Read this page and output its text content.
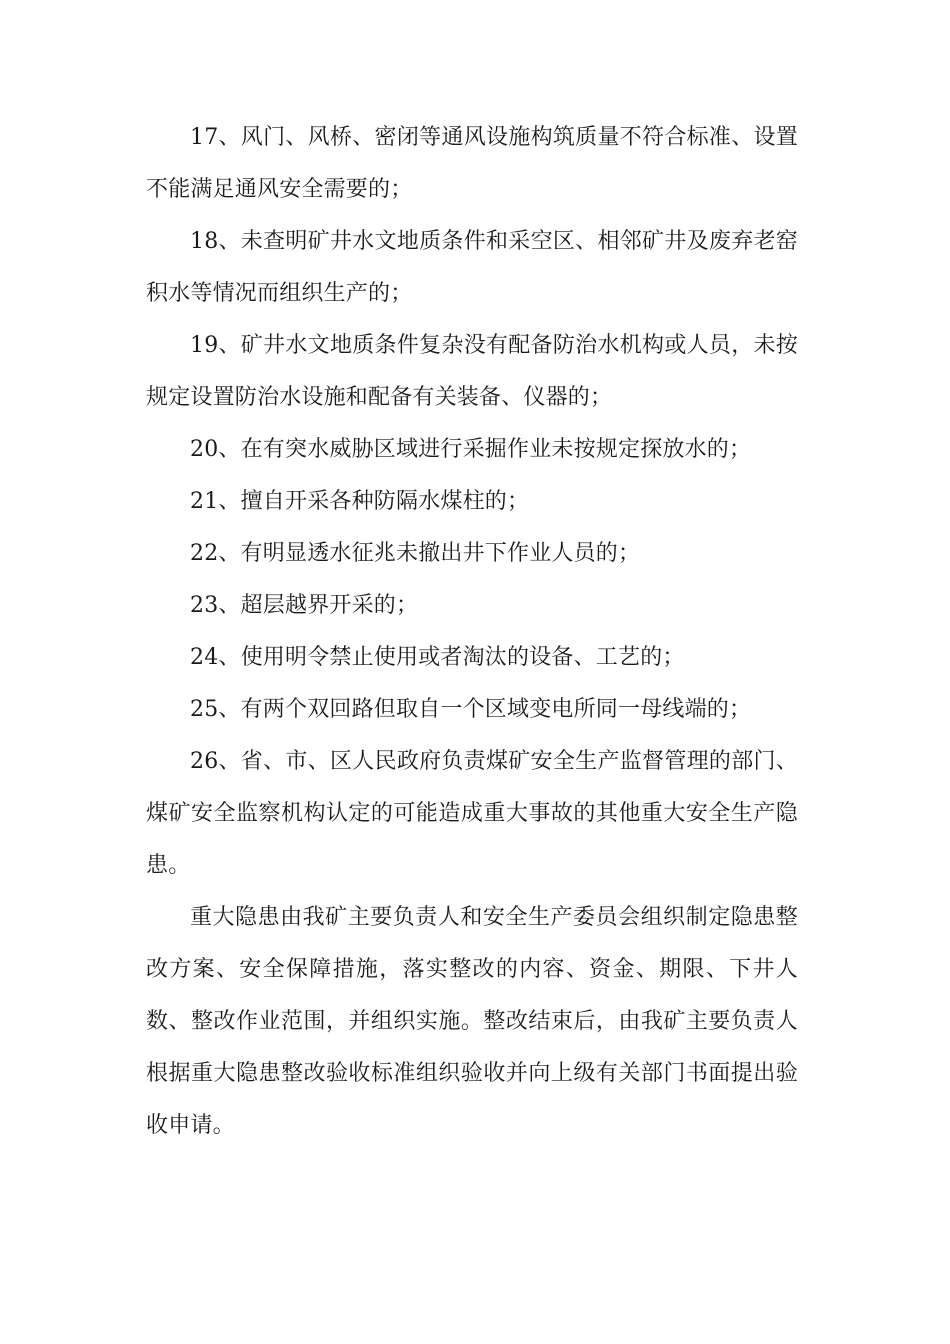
17、风门、风桥、密闭等通风设施构筑质量不符合标准、设置不能满足通风安全需要的；

18、未查明矿井水文地质条件和采空区、相邻矿井及废弃老窑积水等情况而组织生产的；

19、矿井水文地质条件复杂没有配备防治水机构或人员，未按规定设置防治水设施和配备有关装备、仪器的；

20、在有突水威胁区域进行采掘作业未按规定探放水的；

21、擅自开采各种防隔水煤柱的；

22、有明显透水征兆未撤出井下作业人员的；

23、超层越界开采的；

24、使用明令禁止使用或者淘汰的设备、工艺的；

25、有两个双回路但取自一个区域变电所同一母线端的；

26、省、市、区人民政府负责煤矿安全生产监督管理的部门、煤矿安全监察机构认定的可能造成重大事故的其他重大安全生产隐患。

重大隐患由我矿主要负责人和安全生产委员会组织制定隐患整改方案、安全保障措施，落实整改的内容、资金、期限、下井人数、整改作业范围，并组织实施。整改结束后，由我矿主要负责人根据重大隐患整改验收标准组织验收并向上级有关部门书面提出验收申请。
